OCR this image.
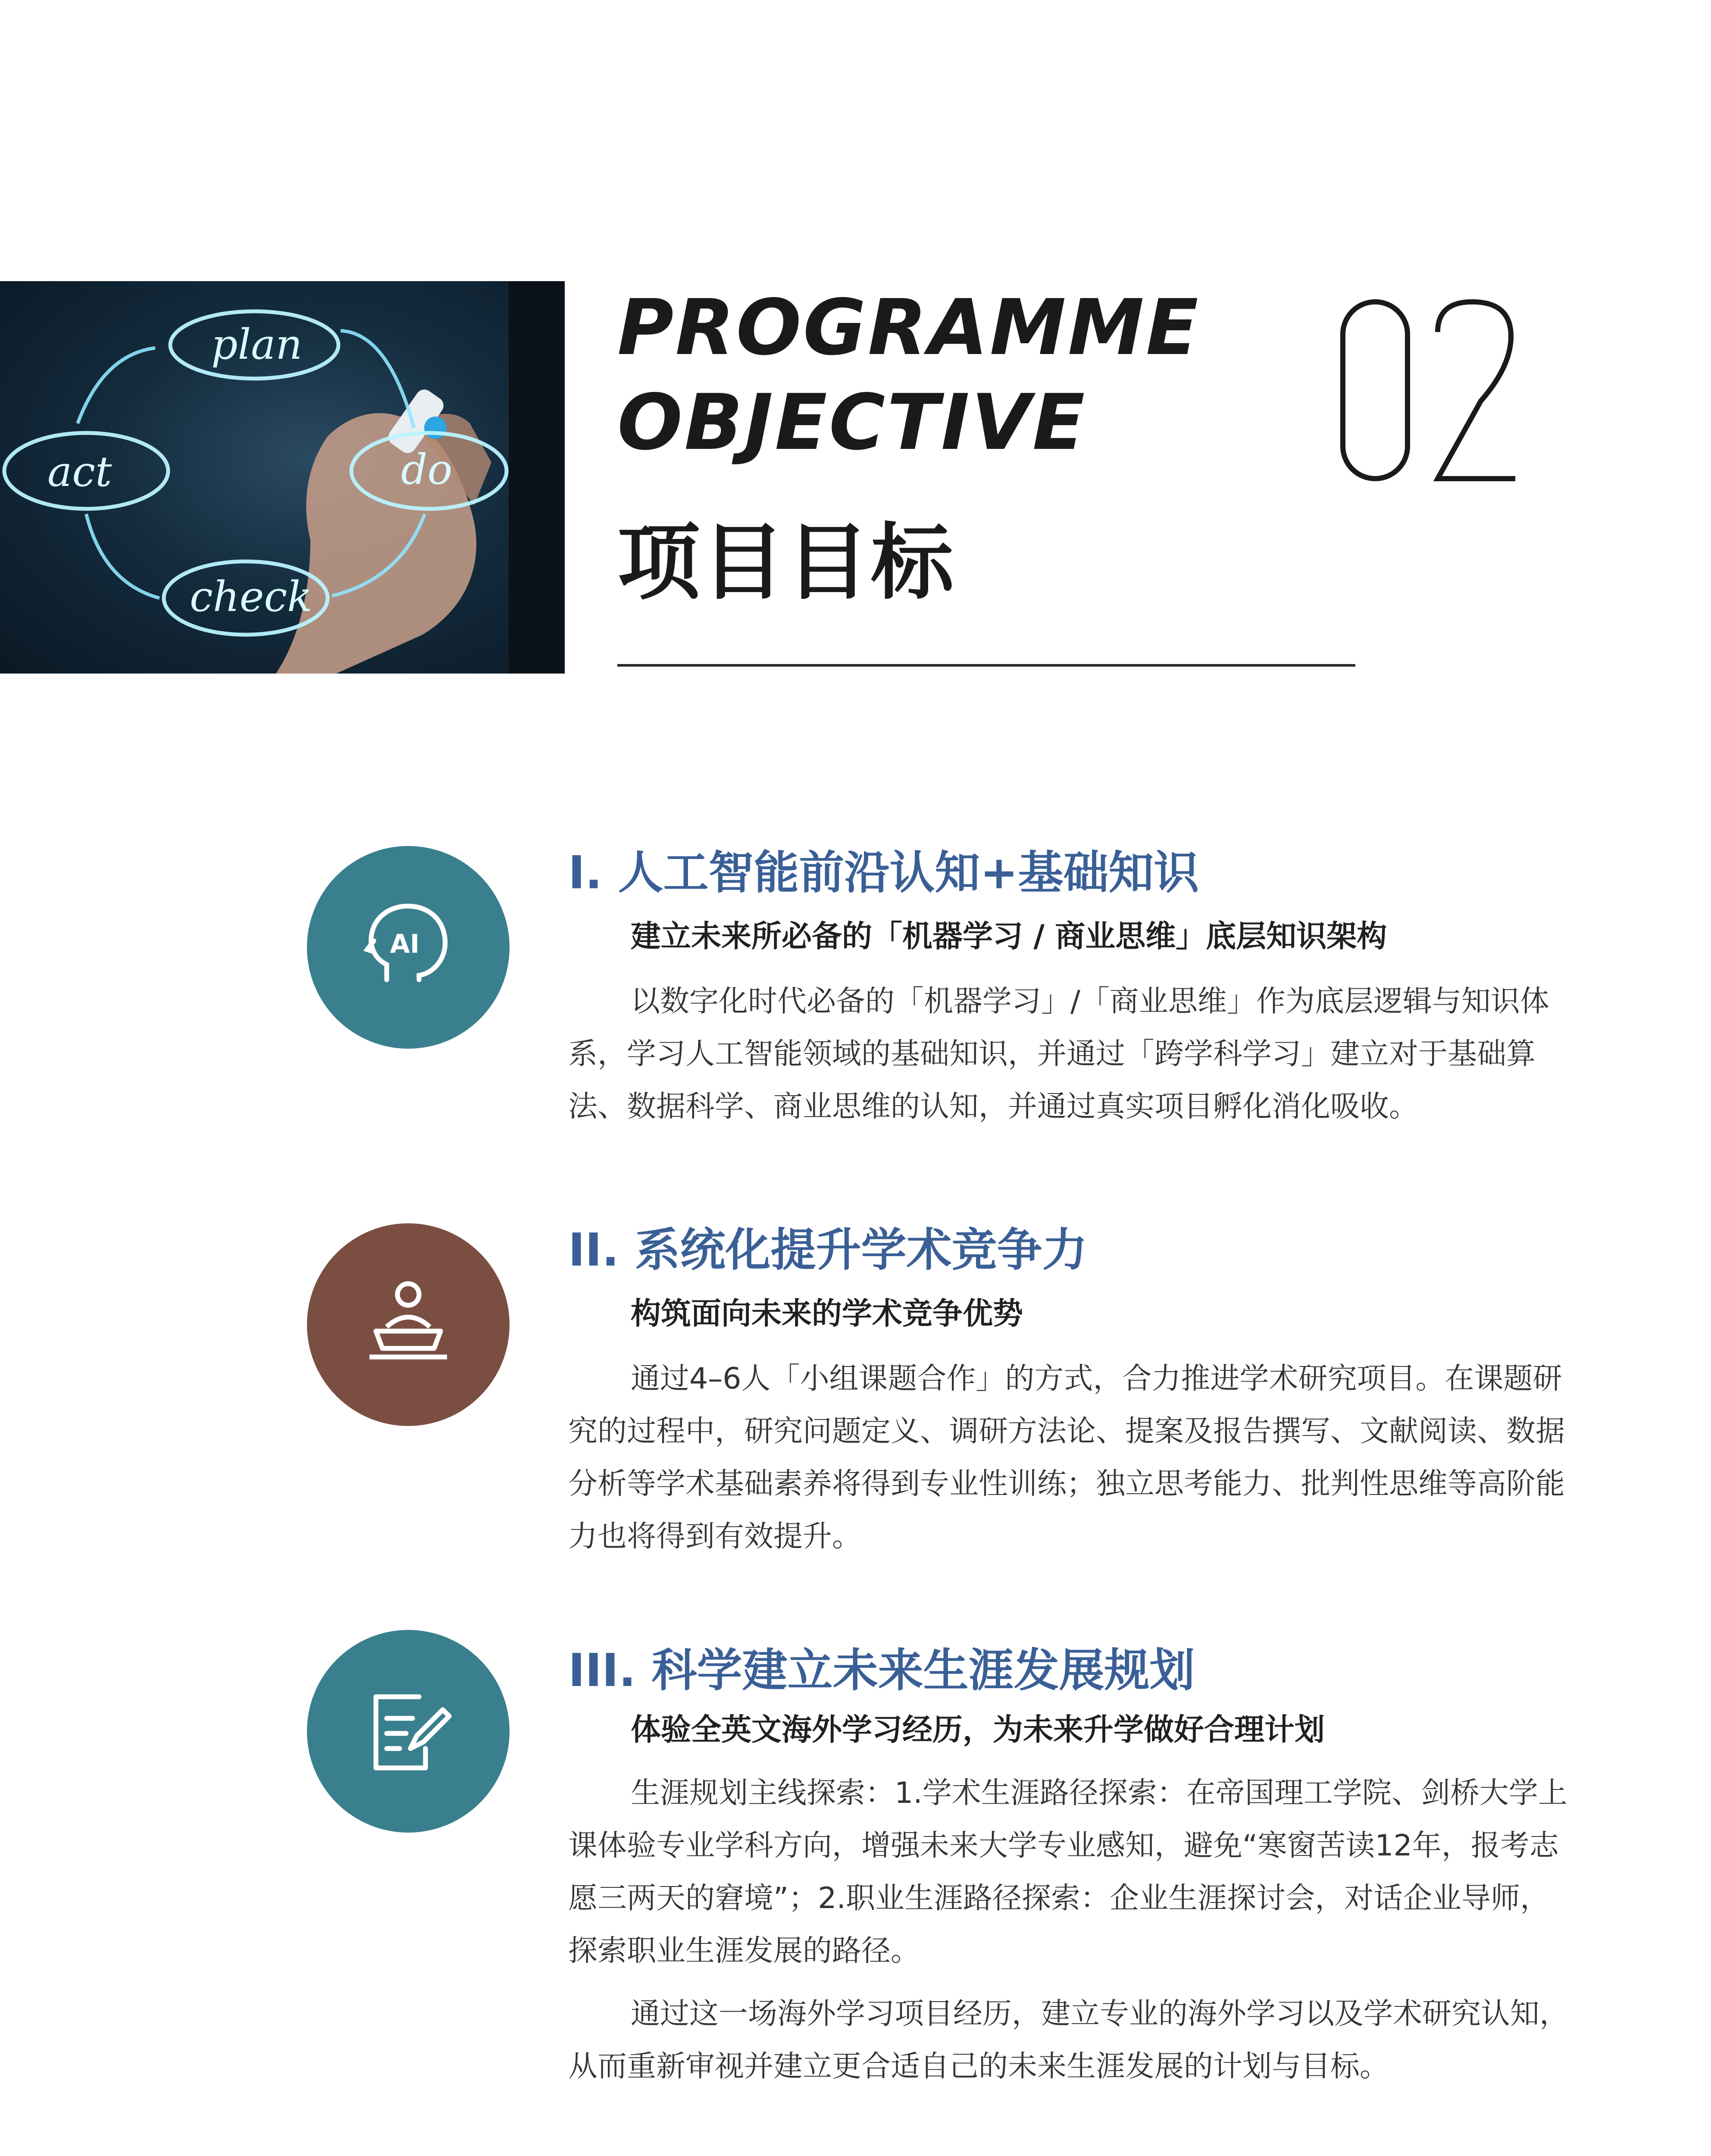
plan
do
act
check
PROGRAMME
OBJECTIVE
项目目标
AI
I. 人工智能前沿认知+基础知识
建立未来所必备的「机器学习 / 商业思维」底层知识架构

以数字化时代必备的「机器学习」/「商业思维」作为底层逻辑与知识体系，学习人工智能领域的基础知识，并通过「跨学科学习」建立对于基础算法、数据科学、商业思维的认知，并通过真实项目孵化消化吸收。

II. 系统化提升学术竞争力
构筑面向未来的学术竞争优势

通过4–6人「小组课题合作」的方式，合力推进学术研究项目。在课题研究的过程中，研究问题定义、调研方法论、提案及报告撰写、文献阅读、数据分析等学术基础素养将得到专业性训练；独立思考能力、批判性思维等高阶能力也将得到有效提升。

III. 科学建立未来生涯发展规划
体验全英文海外学习经历，为未来升学做好合理计划

生涯规划主线探索：1.学术生涯路径探索：在帝国理工学院、剑桥大学上课体验专业学科方向，增强未来大学专业感知，避免“寒窗苦读12年，报考志愿三两天的窘境”；2.职业生涯路径探索：企业生涯探讨会，对话企业导师，探索职业生涯发展的路径。

通过这一场海外学习项目经历，建立专业的海外学习以及学术研究认知，从而重新审视并建立更合适自己的未来生涯发展的计划与目标。
